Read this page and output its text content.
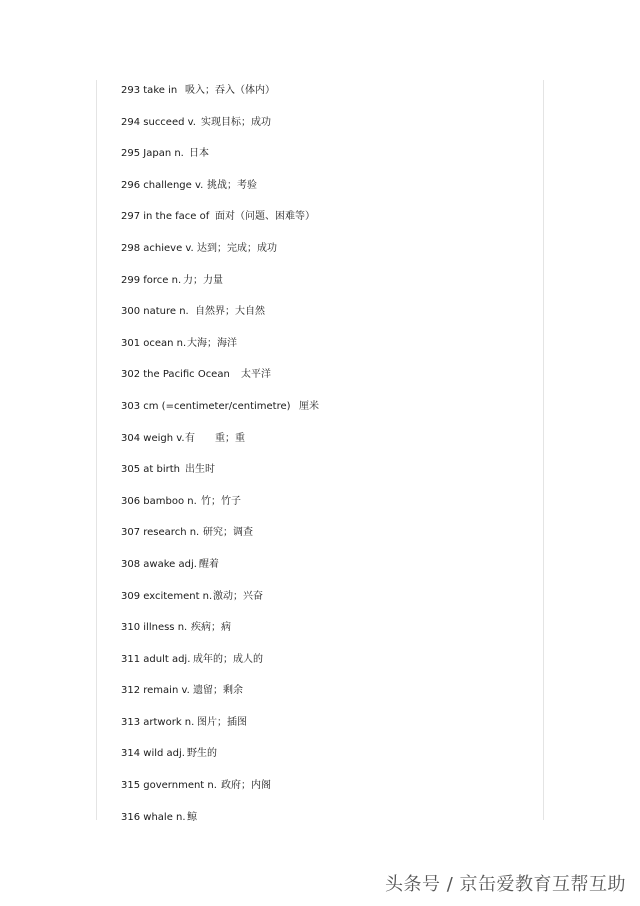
293 take in 吸入；吞入（体内）
294 succeed v. 实现目标；成功
295 Japan n. 日本
296 challenge v. 挑战；考验
297 in the face of 面对（问题、困难等）
298 achieve v. 达到；完成；成功
299 force n. 力；力量
300 nature n. 自然界；大自然
301 ocean n. 大海；海洋
302 the Pacific Ocean	太平洋
303 cm (=centimeter/centimetre) 厘米
304 weigh v. 有　　重；重
305 at birth 出生时
306 bamboo n. 竹；竹子
307 research n. 研究；调查
308 awake adj. 醒着
309 excitement n. 激动；兴奋
310 illness n. 疾病；病
311 adult adj. 成年的；成人的
312 remain v. 遗留；剩余
313 artwork n. 图片；插图
314 wild adj. 野生的
315 government n. 政府；内阁
316 whale n. 鲸
头条号 / 京缶爱教育互帮互助
